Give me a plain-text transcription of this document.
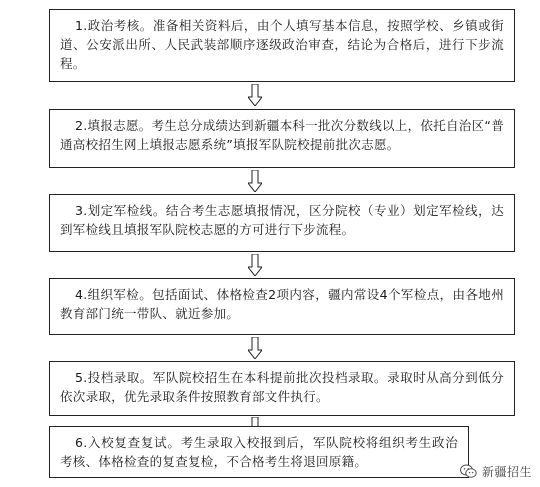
1.政治考核。准备相关资料后，由个人填写基本信息，按照学校、乡镇或街道、公安派出所、人民武装部顺序逐级政治审查，结论为合格后，进行下步流程。
2.填报志愿。考生总分成绩达到新疆本科一批次分数线以上，依托自治区“普通高校招生网上填报志愿系统”填报军队院校提前批次志愿。
3.划定军检线。结合考生志愿填报情况，区分院校（专业）划定军检线，达到军检线且填报军队院校志愿的方可进行下步流程。
4.组织军检。包括面试、体格检查2项内容，疆内常设4个军检点，由各地州教育部门统一带队、就近参加。
5.投档录取。军队院校招生在本科提前批次投档录取。录取时从高分到低分依次录取，优先录取条件按照教育部文件执行。
6.入校复查复试。考生录取入校报到后，军队院校将组织考生政治考核、体格检查的复查复检，不合格考生将退回原籍。
新疆招生
